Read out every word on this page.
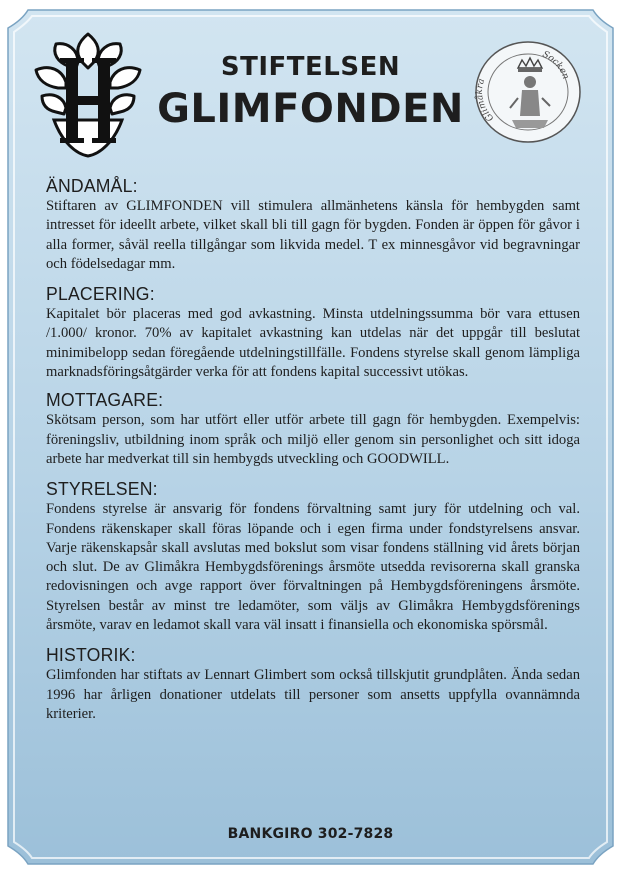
Glimåkra
Socken
STIFTELSEN
GLIMFONDEN
ÄNDAMÅL:
Stiftaren av GLIMFONDEN vill stimulera allmänhetens känsla för hembygden samt intresset för ideellt arbete, vilket skall bli till gagn för bygden. Fonden är öppen för gåvor i alla former, såväl reella tillgångar som likvida medel. T ex minnesgåvor vid begravningar och födelsedagar mm.
PLACERING:
Kapitalet bör placeras med god avkastning. Minsta utdelningssumma bör vara ettusen /1.000/ kronor. 70% av kapitalet avkastning kan utdelas när det uppgår till beslutat minimibelopp sedan föregående utdelningstillfälle. Fondens styrelse skall genom lämpliga marknadsföringsåtgärder verka för att fondens kapital successivt utökas.
MOTTAGARE:
Skötsam person, som har utfört eller utför arbete till gagn för hembygden. Exempelvis: föreningsliv, utbildning inom språk och miljö eller genom sin personlighet och sitt idoga arbete har medverkat till sin hembygds utveckling och GOODWILL.
STYRELSEN:
Fondens styrelse är ansvarig för fondens förvaltning samt jury för utdelning och val. Fondens räkenskaper skall föras löpande och i egen firma under fondstyrelsens ansvar. Varje räkenskapsår skall avslutas med bokslut som visar fondens ställning vid årets början och slut. De av Glimåkra Hembygdsförenings årsmöte utsedda revisorerna skall granska redovisningen och avge rapport över förvaltningen på Hembygdsföreningens årsmöte. Styrelsen består av minst tre ledamöter, som väljs av Glimåkra Hembygdsförenings årsmöte, varav en ledamot skall vara väl insatt i finansiella och ekonomiska spörsmål.
HISTORIK:
Glimfonden har stiftats av Lennart Glimbert som också tillskjutit grundplåten. Ända sedan 1996 har årligen donationer utdelats till personer som ansetts uppfylla ovannämnda kriterier.
BANKGIRO 302-7828
